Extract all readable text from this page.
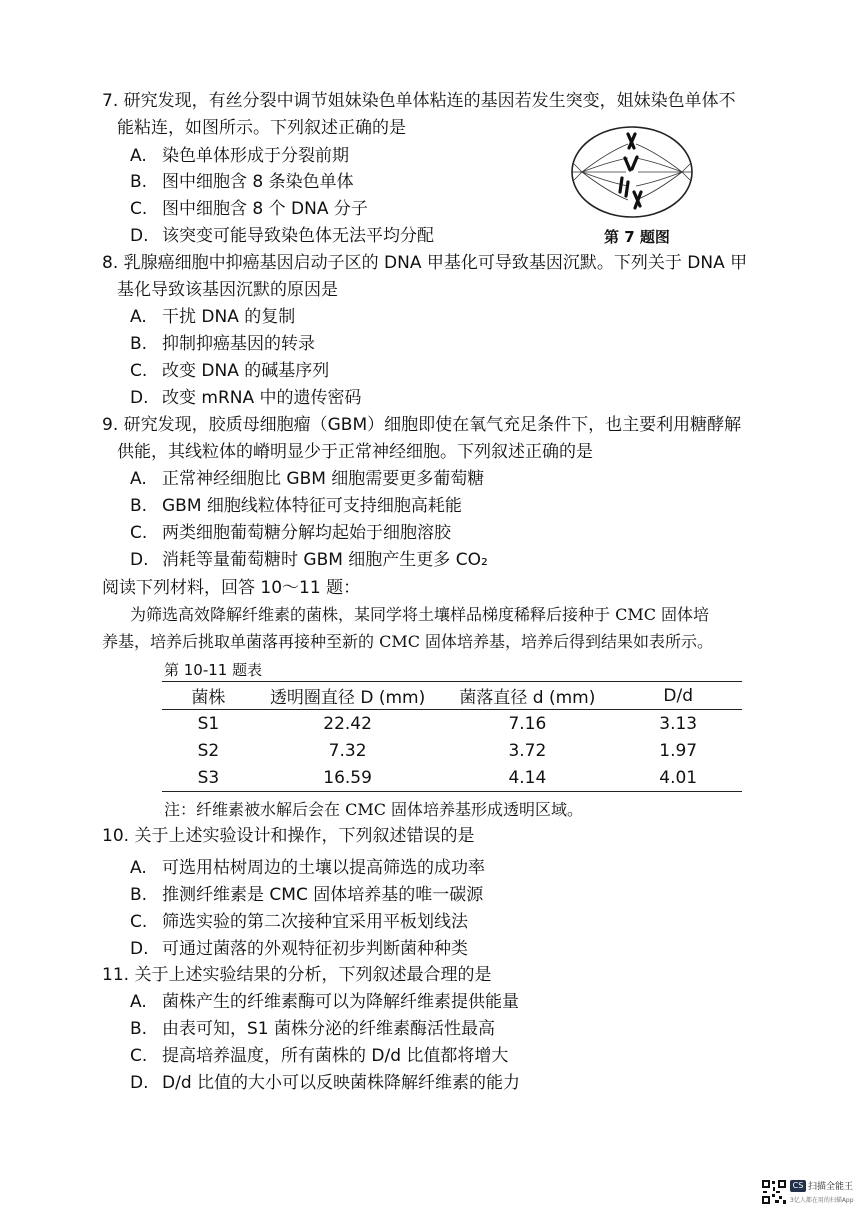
7. 研究发现，有丝分裂中调节姐妹染色单体粘连的基因若发生突变，姐妹染色单体不
能粘连，如图所示。下列叙述正确的是
A. 染色单体形成于分裂前期
B. 图中细胞含 8 条染色单体
C. 图中细胞含 8 个 DNA 分子
D. 该突变可能导致染色体无法平均分配	第 7 题图
8. 乳腺癌细胞中抑癌基因启动子区的 DNA 甲基化可导致基因沉默。下列关于 DNA 甲
基化导致该基因沉默的原因是
A. 干扰 DNA 的复制
B. 抑制抑癌基因的转录
C. 改变 DNA 的碱基序列
D. 改变 mRNA 中的遗传密码
9. 研究发现，胶质母细胞瘤（GBM）细胞即使在氧气充足条件下，也主要利用糖酵解
供能，其线粒体的嵴明显少于正常神经细胞。下列叙述正确的是
A. 正常神经细胞比 GBM 细胞需要更多葡萄糖
B. GBM 细胞线粒体特征可支持细胞高耗能
C. 两类细胞葡萄糖分解均起始于细胞溶胶
D. 消耗等量葡萄糖时 GBM 细胞产生更多 CO₂
阅读下列材料，回答 10～11 题：
为筛选高效降解纤维素的菌株，某同学将土壤样品梯度稀释后接种于 CMC 固体培
养基，培养后挑取单菌落再接种至新的 CMC 固体培养基，培养后得到结果如表所示。
第 10-11 题表
菌株	透明圈直径 D (mm)	菌落直径 d (mm)	D/d
S1	22.42	7.16	3.13
S2	7.32	3.72	1.97
S3	16.59	4.14	4.01
注：纤维素被水解后会在 CMC 固体培养基形成透明区域。
10. 关于上述实验设计和操作，下列叙述错误的是
A. 可选用枯树周边的土壤以提高筛选的成功率
B. 推测纤维素是 CMC 固体培养基的唯一碳源
C. 筛选实验的第二次接种宜采用平板划线法
D. 可通过菌落的外观特征初步判断菌种种类
11. 关于上述实验结果的分析，下列叙述最合理的是
A. 菌株产生的纤维素酶可以为降解纤维素提供能量
B. 由表可知，S1 菌株分泌的纤维素酶活性最高
C. 提高培养温度，所有菌株的 D/d 比值都将增大
D. D/d 比值的大小可以反映菌株降解纤维素的能力
CS 扫描全能王
3亿人都在用的扫描App
